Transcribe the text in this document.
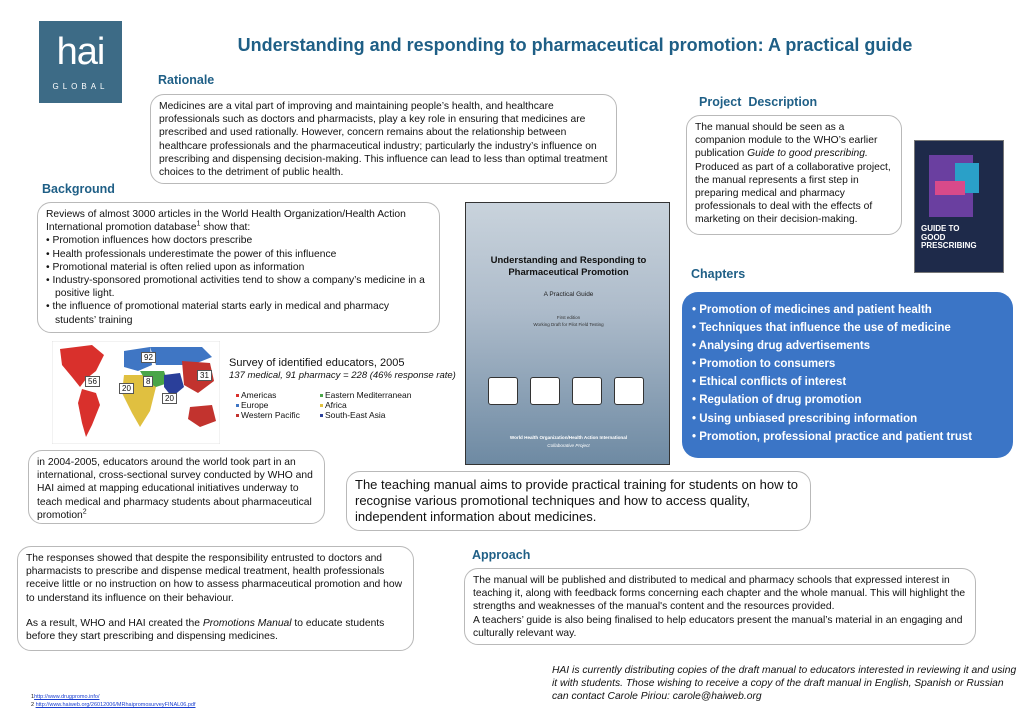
hai
GLOBAL
Understanding and responding to pharmaceutical promotion: A practical guide
Rationale
Medicines are a vital part of improving and maintaining people’s health, and healthcare professionals such as doctors and pharmacists, play a key role in ensuring that medicines are prescribed and used rationally. However, concern remains about the relationship between healthcare professionals and the pharmaceutical industry; particularly the industry’s influence on prescribing and dispensing decision-making. This influence can lead to less than optimal treatment choices to the detriment of public health.
Background
Reviews of almost 3000 articles in the World Health Organization/Health Action International promotion database$^1$ show that:
• Promotion influences how doctors prescribe
• Health professionals underestimate the power of this influence
• Promotional material is often relied upon as information
• Industry-sponsored promotional activities tend to show a company’s medicine in a positive light.
• the influence of promotional material starts early in medical and pharmacy students’ training
92
56
20
8
31
20
Survey of identified educators, 2005
137 medical, 91 pharmacy = 228 (46% response rate)
Americas	Eastern Mediterranean
Europe	Africa
Western Pacific	South-East Asia
in 2004-2005, educators around the world took part in an international, cross-sectional survey conducted by WHO and HAI aimed at mapping educational initiatives underway to teach medical and pharmacy students about pharmaceutical promotion$^2$
Understanding and Responding to Pharmaceutical Promotion
A Practical Guide
First edition
Working Draft for Pilot Field Testing
World Health Organization/Health Action International
Collaborative Project
Project  Description
The manual should be seen as a companion module to the WHO’s earlier publication Guide to good prescribing. Produced as part of a collaborative project, the manual represents a first step in preparing medical and pharmacy professionals to deal with the effects of marketing on their decision-making.
GUIDE TO GOOD PRESCRIBING
Chapters
• Promotion of medicines and patient health
• Techniques that influence the use of medicine
• Analysing drug advertisements
• Promotion to consumers
• Ethical conflicts of interest
• Regulation of drug promotion
• Using unbiased prescribing information
• Promotion, professional practice and patient trust
The teaching manual aims to provide practical training for students on how to recognise various promotional techniques and how to access quality, independent information about medicines.
The responses showed that despite the responsibility entrusted to doctors and pharmacists to prescribe and dispense medical treatment, health professionals receive little or no instruction on how to assess pharmaceutical promotion and how to understand its influence on their behaviour.
As a result, WHO and HAI created the Promotions Manual to educate students before they start prescribing and dispensing medicines.
Approach
The manual will be published and distributed to medical and pharmacy schools that expressed interest in teaching it, along with feedback forms concerning each chapter and the whole manual. This will highlight the strengths and weaknesses of the manual's content and the resources provided.
A teachers’ guide is also being finalised to help educators present the manual’s material in an engaging and culturally relevant way.
HAI is currently distributing copies of the draft manual to educators interested in reviewing it and using it with students. Those wishing to receive a copy of the draft manual in English, Spanish or Russian can contact Carole Piriou: carole@haiweb.org
1http://www.drugpromo.info/
2 http://www.haiweb.org/26012006/MRhaipromosurveyFINAL06.pdf
